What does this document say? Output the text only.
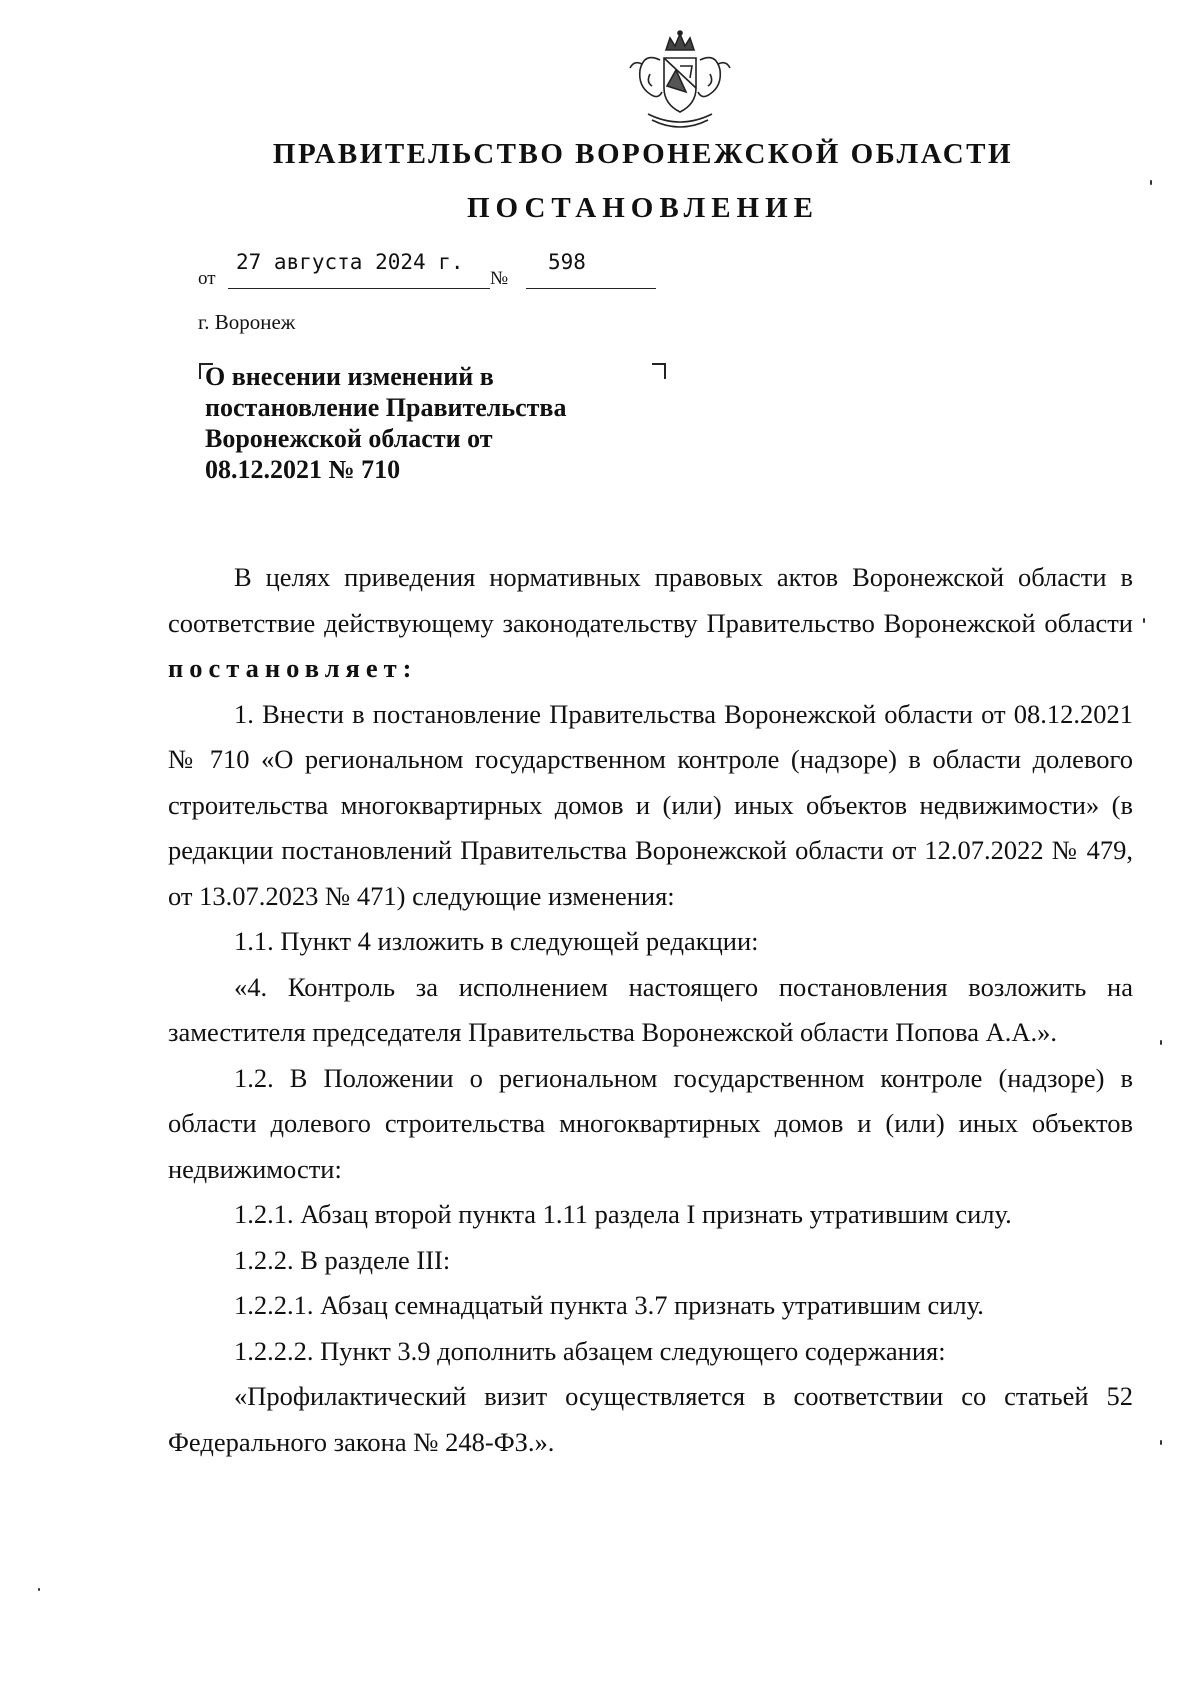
ПРАВИТЕЛЬСТВО ВОРОНЕЖСКОЙ ОБЛАСТИ
ПОСТАНОВЛЕНИЕ
от
27 августа 2024 г.
№
598
г. Воронеж
О внесении изменений в
постановление Правительства
Воронежской области от
08.12.2021 № 710

В целях приведения нормативных правовых актов Воронежской области в соответствие действующему законодательству Правительство Воронежской области постановляет:

1. Внести в постановление Правительства Воронежской области от 08.12.2021 № 710 «О региональном государственном контроле (надзоре) в области долевого строительства многоквартирных домов и (или) иных объектов недвижимости» (в редакции постановлений Правительства Воронежской области от 12.07.2022 № 479, от 13.07.2023 № 471) следующие изменения:

1.1. Пункт 4 изложить в следующей редакции:

«4. Контроль за исполнением настоящего постановления возложить на заместителя председателя Правительства Воронежской области Попова А.А.».

1.2. В Положении о региональном государственном контроле (надзоре) в области долевого строительства многоквартирных домов и (или) иных объектов недвижимости:

1.2.1. Абзац второй пункта 1.11 раздела I признать утратившим силу.

1.2.2. В разделе III:

1.2.2.1. Абзац семнадцатый пункта 3.7 признать утратившим силу.

1.2.2.2. Пункт 3.9 дополнить абзацем следующего содержания:

«Профилактический визит осуществляется в соответствии со статьей 52 Федерального закона № 248-ФЗ.».
